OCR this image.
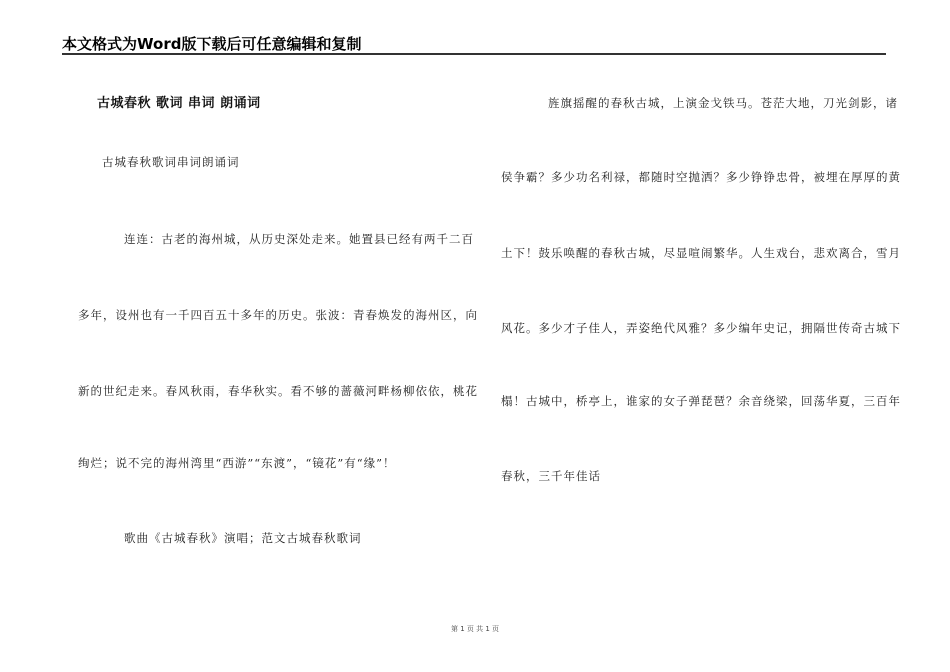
本文格式为Word版下载后可任意编辑和复制
古城春秋 歌词 串词 朗诵词
古城春秋歌词串词朗诵词
连连：古老的海州城，从历史深处走来。她置县已经有两千二百
多年，设州也有一千四百五十多年的历史。张波：青春焕发的海州区，向
新的世纪走来。春风秋雨，春华秋实。看不够的蔷薇河畔杨柳依依，桃花
绚烂；说不完的海州湾里“西游”“东渡”，“镜花”有“缘”！
歌曲《古城春秋》演唱；范文古城春秋歌词
旌旗摇醒的春秋古城，上演金戈铁马。苍茫大地，刀光剑影，诸
侯争霸？多少功名利禄，都随时空抛洒？多少铮铮忠骨，被埋在厚厚的黄
土下！鼓乐唤醒的春秋古城，尽显喧闹繁华。人生戏台，悲欢离合，雪月
风花。多少才子佳人，弄姿绝代风雅？多少编年史记，拥隔世传奇古城下
榻！古城中，桥亭上，谁家的女子弹琵琶？余音绕梁，回荡华夏，三百年
春秋，三千年佳话
第 1 页 共 1 页
